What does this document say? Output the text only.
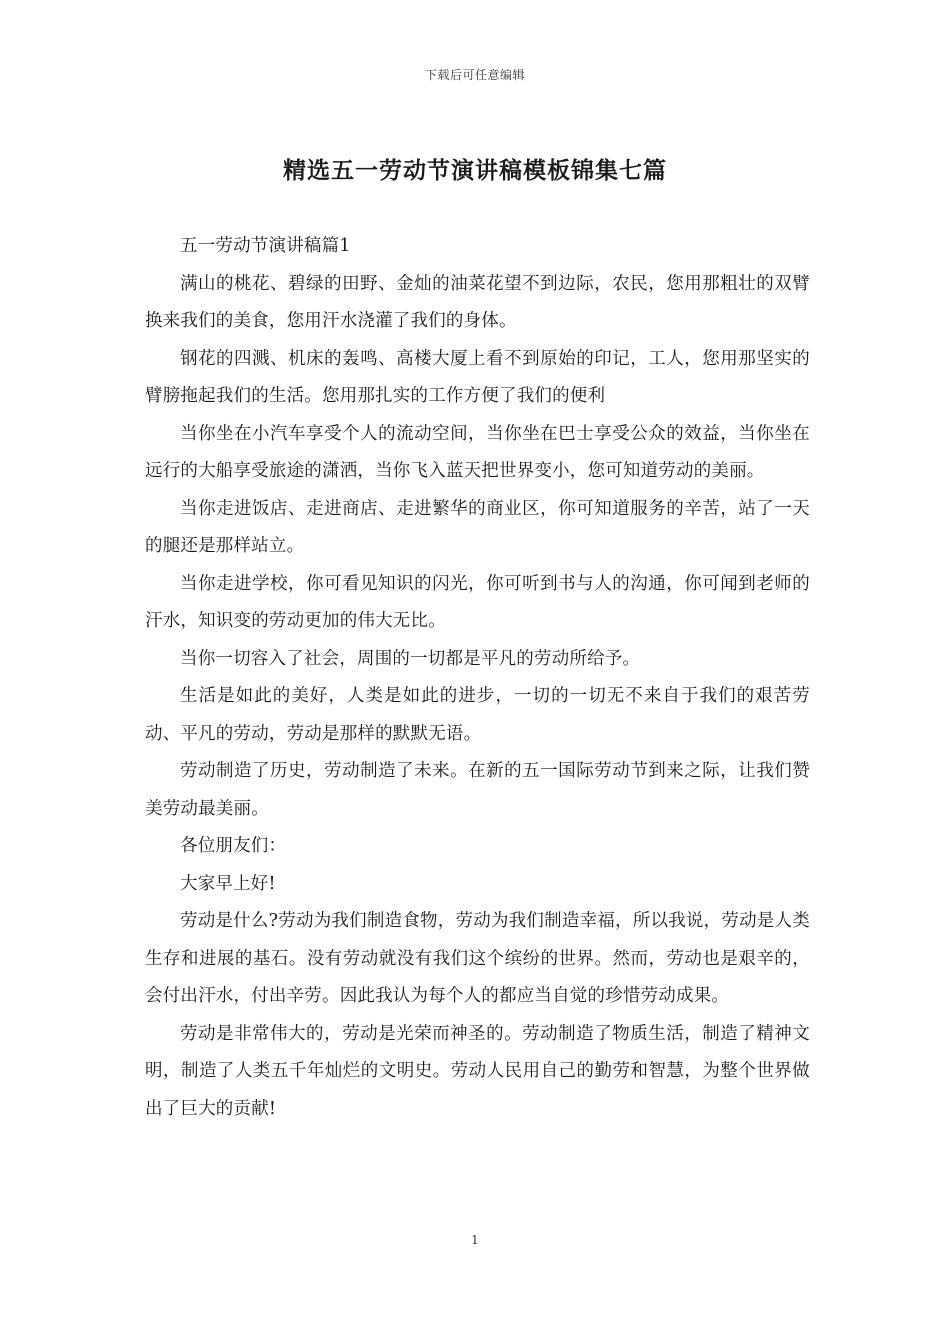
下载后可任意编辑
精选五一劳动节演讲稿模板锦集七篇

五一劳动节演讲稿篇1

满山的桃花、碧绿的田野、金灿的油菜花望不到边际，农民，您用那粗壮的双臂换来我们的美食，您用汗水浇灌了我们的身体。

钢花的四溅、机床的轰鸣、高楼大厦上看不到原始的印记，工人，您用那坚实的臂膀拖起我们的生活。您用那扎实的工作方便了我们的便利

当你坐在小汽车享受个人的流动空间，当你坐在巴士享受公众的效益，当你坐在远行的大船享受旅途的潇洒，当你飞入蓝天把世界变小，您可知道劳动的美丽。

当你走进饭店、走进商店、走进繁华的商业区，你可知道服务的辛苦，站了一天的腿还是那样站立。

当你走进学校，你可看见知识的闪光，你可听到书与人的沟通，你可闻到老师的汗水，知识变的劳动更加的伟大无比。

当你一切容入了社会，周围的一切都是平凡的劳动所给予。

生活是如此的美好，人类是如此的进步，一切的一切无不来自于我们的艰苦劳动、平凡的劳动，劳动是那样的默默无语。

劳动制造了历史，劳动制造了未来。在新的五一国际劳动节到来之际，让我们赞美劳动最美丽。

各位朋友们：

大家早上好!

劳动是什么?劳动为我们制造食物，劳动为我们制造幸福，所以我说，劳动是人类生存和进展的基石。没有劳动就没有我们这个缤纷的世界。然而，劳动也是艰辛的，会付出汗水，付出辛劳。因此我认为每个人的都应当自觉的珍惜劳动成果。

劳动是非常伟大的，劳动是光荣而神圣的。劳动制造了物质生活，制造了精神文明，制造了人类五千年灿烂的文明史。劳动人民用自己的勤劳和智慧，为整个世界做出了巨大的贡献!

1
